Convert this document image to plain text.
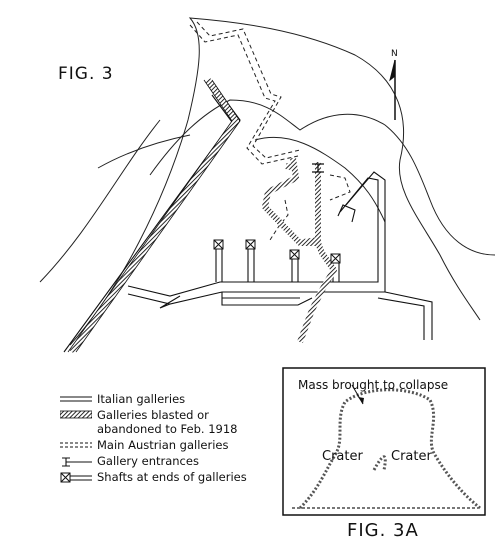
N
FIG. 3
Italian galleries
Galleries blasted or abandoned to Feb. 1918
Main Austrian galleries
Gallery entrances
Shafts at ends of galleries
Mass brought to collapse
Crater Crater
FIG. 3A
